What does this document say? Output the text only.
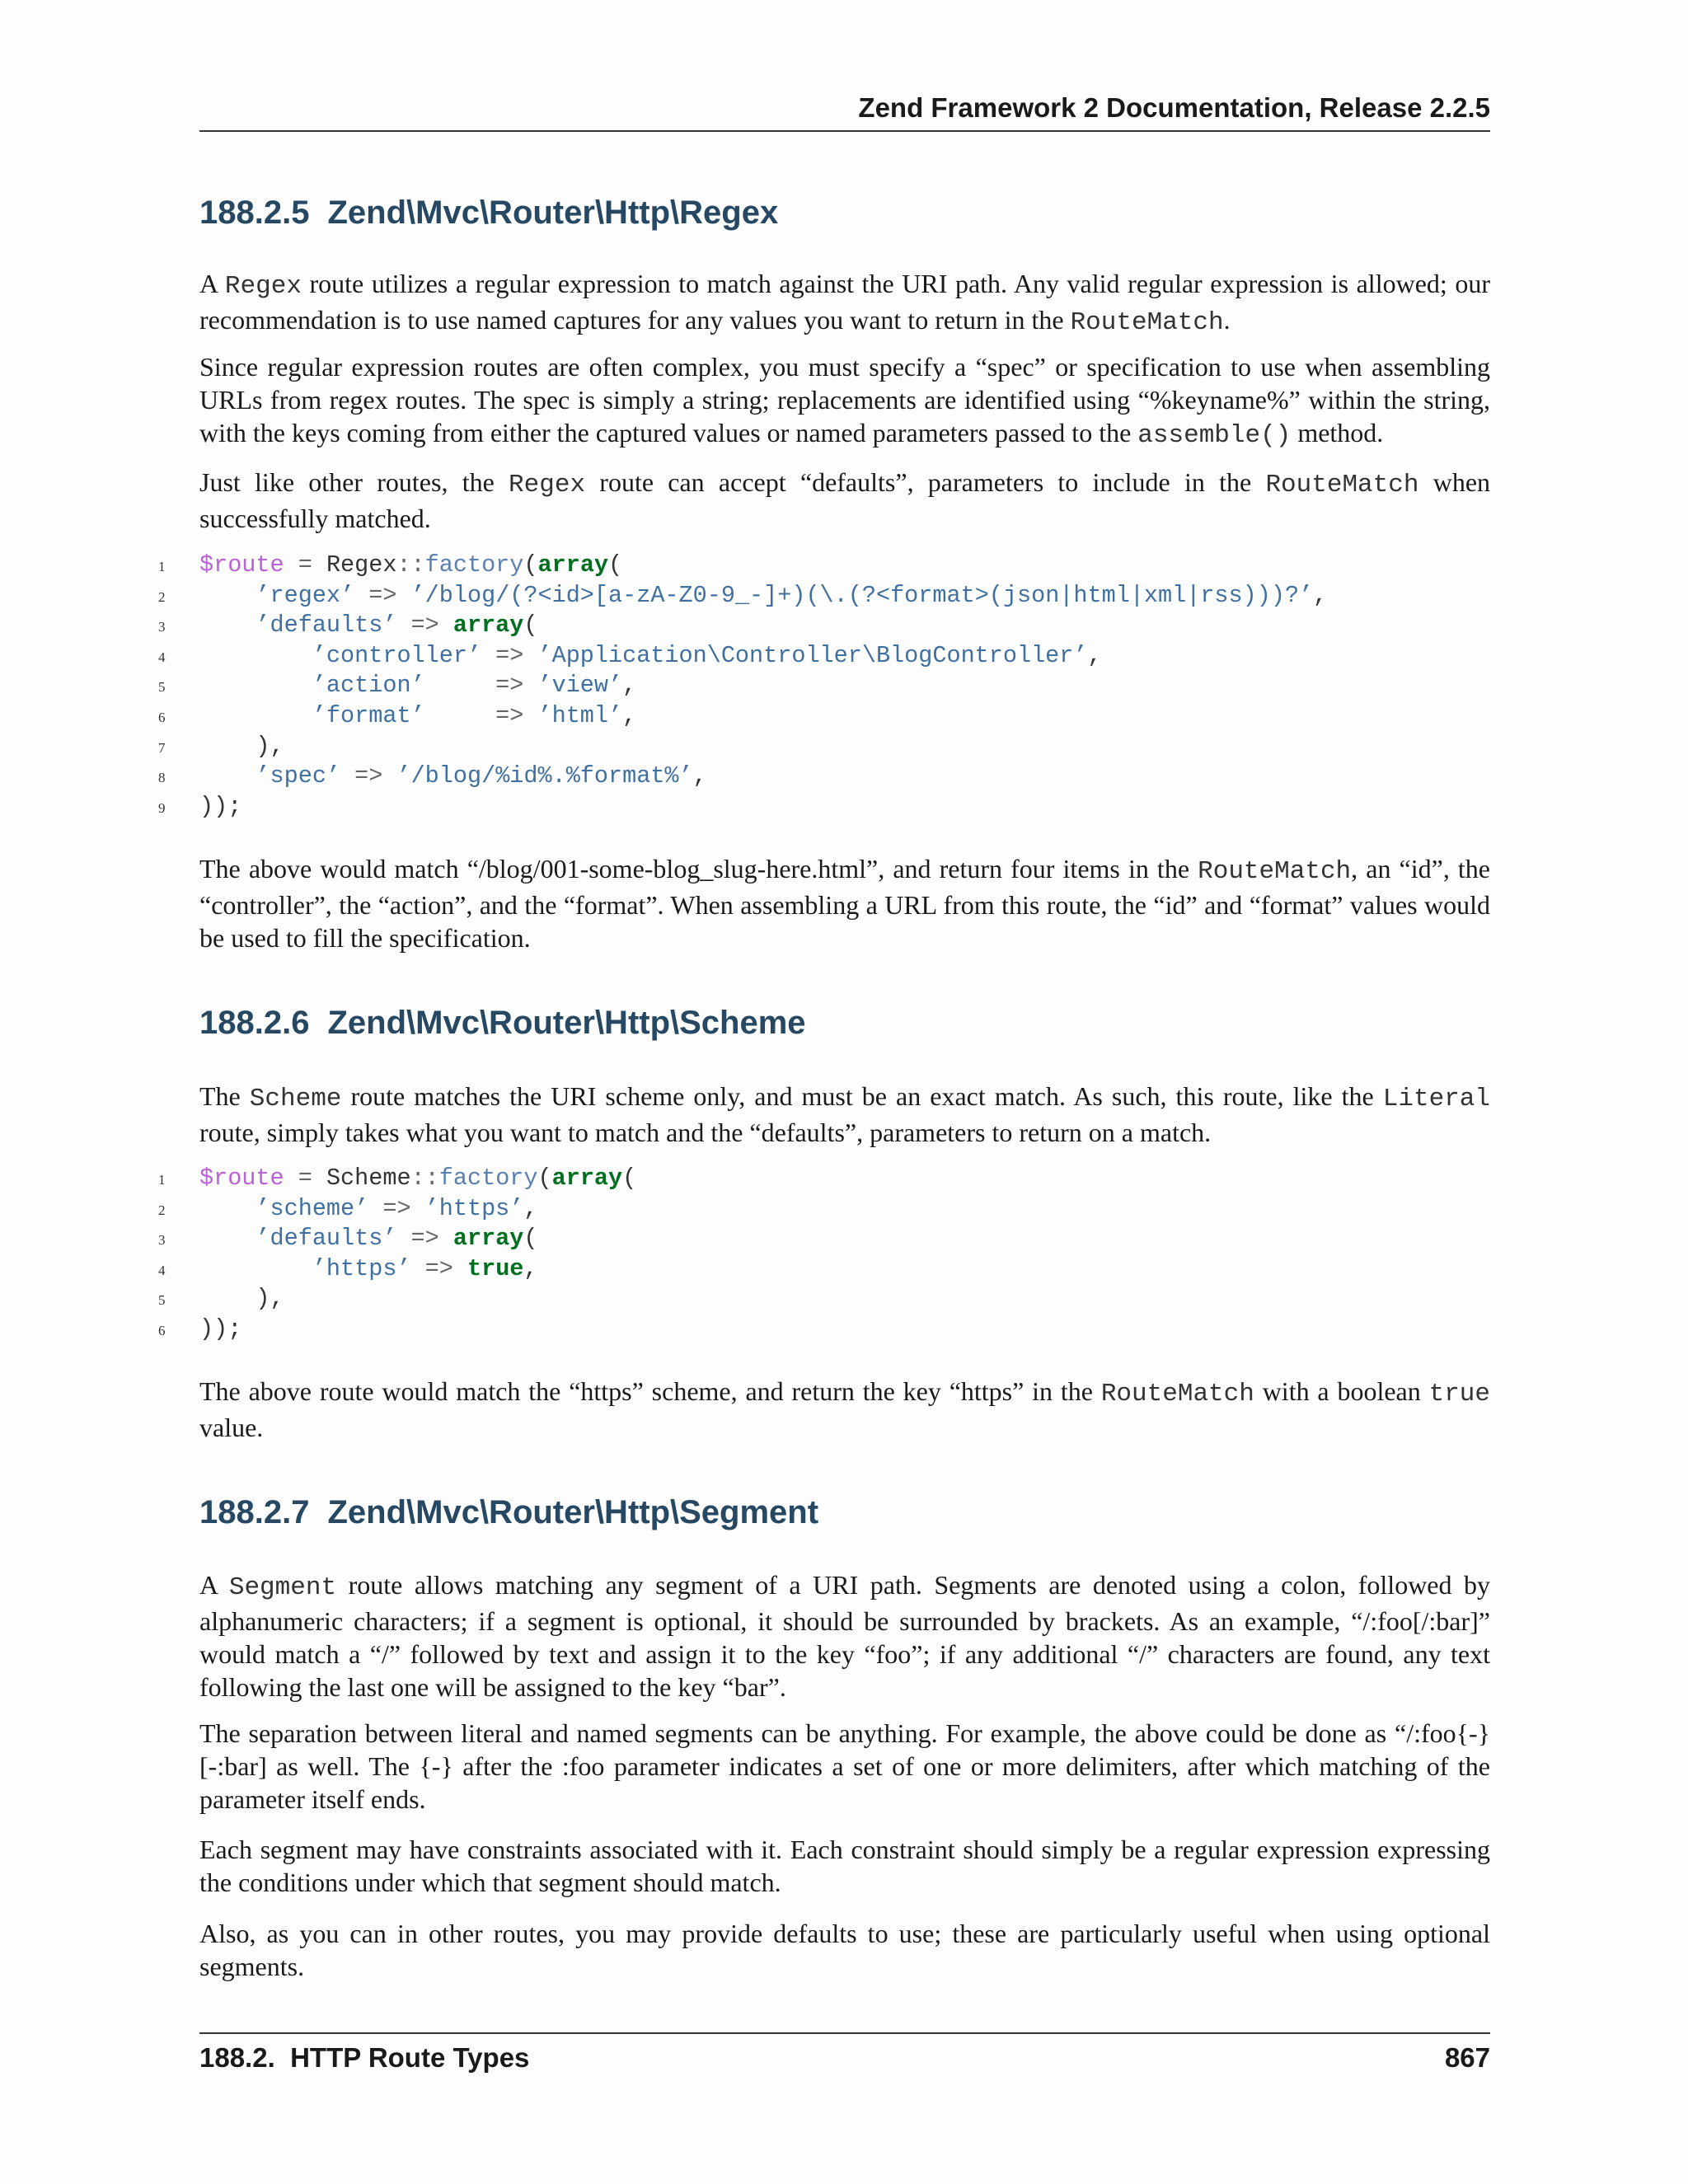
Zend Framework 2 Documentation, Release 2.2.5
188.2.5 Zend\Mvc\Router\Http\Regex

A Regex route utilizes a regular expression to match against the URI path. Any valid regular expression is allowed; our recommendation is to use named captures for any values you want to return in the RouteMatch.

Since regular expression routes are often complex, you must specify a “spec” or specification to use when assembling URLs from regex routes. The spec is simply a string; replacements are identified using “%keyname%” within the string, with the keys coming from either the captured values or named parameters passed to the assemble() method.

Just like other routes, the Regex route can accept “defaults”, parameters to include in the RouteMatch when successfully matched.

1	$route = Regex::factory(array(
2	’regex’ => ’/blog/(?<id>[a-zA-Z0-9_-]+)(\.(?<format>(json|html|xml|rss)))?’,
3	’defaults’ => array(
4	’controller’ => ’Application\Controller\BlogController’,
5	’action’     => ’view’,
6	’format’     => ’html’,
7	),
8	’spec’ => ’/blog/%id%.%format%’,
9	));

The above would match “/blog/001-some-blog_slug-here.html”, and return four items in the RouteMatch, an “id”, the “controller”, the “action”, and the “format”. When assembling a URL from this route, the “id” and “format” values would be used to fill the specification.

188.2.6 Zend\Mvc\Router\Http\Scheme

The Scheme route matches the URI scheme only, and must be an exact match. As such, this route, like the Literal route, simply takes what you want to match and the “defaults”, parameters to return on a match.

1	$route = Scheme::factory(array(
2	’scheme’ => ’https’,
3	’defaults’ => array(
4	’https’ => true,
5	),
6	));

The above route would match the “https” scheme, and return the key “https” in the RouteMatch with a boolean true value.

188.2.7 Zend\Mvc\Router\Http\Segment

A Segment route allows matching any segment of a URI path. Segments are denoted using a colon, followed by alphanumeric characters; if a segment is optional, it should be surrounded by brackets. As an example, “/:foo[/:bar]” would match a “/” followed by text and assign it to the key “foo”; if any additional “/” characters are found, any text following the last one will be assigned to the key “bar”.

The separation between literal and named segments can be anything. For example, the above could be done as “/:foo{-}[-:bar] as well. The {-} after the :foo parameter indicates a set of one or more delimiters, after which matching of the parameter itself ends.

Each segment may have constraints associated with it. Each constraint should simply be a regular expression expressing the conditions under which that segment should match.

Also, as you can in other routes, you may provide defaults to use; these are particularly useful when using optional segments.

188.2.  HTTP Route Types	867
